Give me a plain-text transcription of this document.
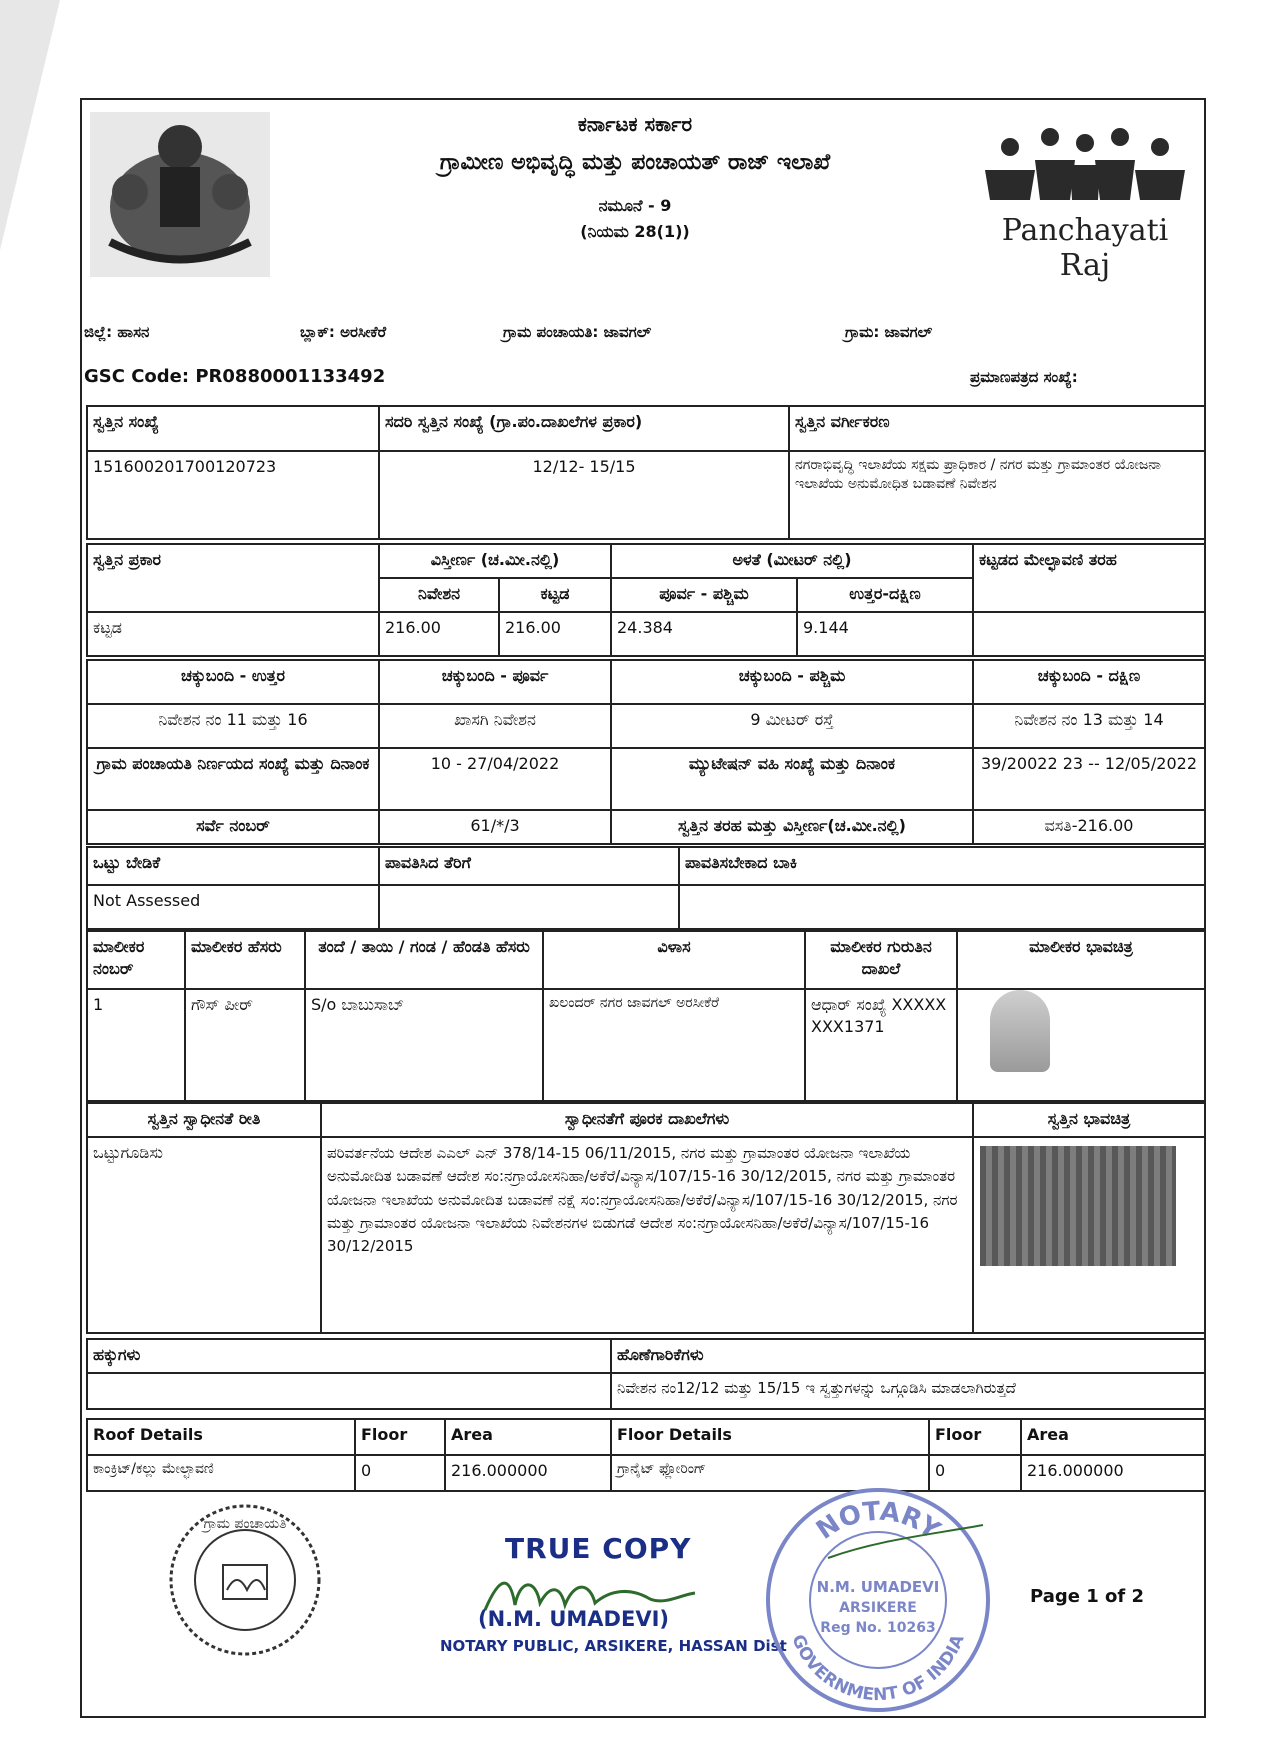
ಕರ್ನಾಟಕ ಸರ್ಕಾರ
ಗ್ರಾಮೀಣ ಅಭಿವೃದ್ಧಿ ಮತ್ತು ಪಂಚಾಯತ್ ರಾಜ್ ಇಲಾಖೆ
ನಮೂನೆ - 9
(ನಿಯಮ 28(1))	Panchayati Raj
ಜಿಲ್ಲೆ: ಹಾಸನ	ಬ್ಲಾಕ್: ಅರಸೀಕೆರೆ	ಗ್ರಾಮ ಪಂಚಾಯತಿ: ಜಾವಗಲ್	ಗ್ರಾಮ: ಜಾವಗಲ್
GSC Code: PR0880001133492	ಪ್ರಮಾಣಪತ್ರದ ಸಂಖ್ಯೆ:
ಸ್ವತ್ತಿನ ಸಂಖ್ಯೆ	ಸದರಿ ಸ್ವತ್ತಿನ ಸಂಖ್ಯೆ (ಗ್ರಾ.ಪಂ.ದಾಖಲೆಗಳ ಪ್ರಕಾರ)	ಸ್ವತ್ತಿನ ವರ್ಗೀಕರಣ
151600201700120723	12/12- 15/15	ನಗರಾಭಿವೃದ್ಧಿ ಇಲಾಖೆಯ ಸಕ್ಷಮ ಪ್ರಾಧಿಕಾರ / ನಗರ ಮತ್ತು ಗ್ರಾಮಾಂತರ ಯೋಜನಾ ಇಲಾಖೆಯ ಅನುಮೋಧಿತ ಬಡಾವಣೆ ನಿವೇಶನ
ಸ್ವತ್ತಿನ ಪ್ರಕಾರ	ವಿಸ್ತೀರ್ಣ (ಚ.ಮೀ.ನಲ್ಲಿ)		ಅಳತೆ (ಮೀಟರ್ ನಲ್ಲಿ)		ಕಟ್ಟಡದ ಮೇಲ್ಛಾವಣಿ ತರಹ
	ನಿವೇಶನ	ಕಟ್ಟಡ	ಪೂರ್ವ - ಪಶ್ಚಿಮ	ಉತ್ತರ-ದಕ್ಷಿಣ	
ಕಟ್ಟಡ	216.00	216.00	24.384	9.144	
ಚಕ್ಕುಬಂದಿ - ಉತ್ತರ	ಚಕ್ಕುಬಂದಿ - ಪೂರ್ವ	ಚಕ್ಕುಬಂದಿ - ಪಶ್ಚಿಮ	ಚಕ್ಕುಬಂದಿ - ದಕ್ಷಿಣ
ನಿವೇಶನ ನಂ 11 ಮತ್ತು 16	ಖಾಸಗಿ ನಿವೇಶನ	9 ಮೀಟರ್ ರಸ್ತೆ	ನಿವೇಶನ ನಂ 13 ಮತ್ತು 14
ಗ್ರಾಮ ಪಂಚಾಯತಿ ನಿರ್ಣಯದ ಸಂಖ್ಯೆ ಮತ್ತು ದಿನಾಂಕ	10 - 27/04/2022	ಮ್ಯುಟೇಷನ್ ವಹಿ ಸಂಖ್ಯೆ ಮತ್ತು ದಿನಾಂಕ	39/20022 23 -- 12/05/2022
ಸರ್ವೆ ನಂಬರ್	61/*/3	ಸ್ವತ್ತಿನ ತರಹ ಮತ್ತು ವಿಸ್ತೀರ್ಣ(ಚ.ಮೀ.ನಲ್ಲಿ)	ವಸತಿ-216.00
ಒಟ್ಟು ಬೇಡಿಕೆ	ಪಾವತಿಸಿದ ತೆರಿಗೆ	ಪಾವತಿಸಬೇಕಾದ ಬಾಕಿ
Not Assessed		
ಮಾಲೀಕರ ನಂಬರ್	ಮಾಲೀಕರ ಹೆಸರು	ತಂದೆ / ತಾಯಿ / ಗಂಡ / ಹೆಂಡತಿ ಹೆಸರು	ವಿಳಾಸ	ಮಾಲೀಕರ ಗುರುತಿನ ದಾಖಲೆ	ಮಾಲೀಕರ ಭಾವಚಿತ್ರ
1	ಗೌಸ್ ಪೀರ್	S/o ಬಾಬುಸಾಬ್	ಖಲಂದರ್ ನಗರ ಜಾವಗಲ್ ಅರಸೀಕೆರೆ	ಆಧಾರ್ ಸಂಖ್ಯೆ XXXXXXXX1371	
ಸ್ವತ್ತಿನ ಸ್ವಾಧೀನತೆ ರೀತಿ	ಸ್ವಾಧೀನತೆಗೆ ಪೂರಕ ದಾಖಲೆಗಳು	ಸ್ವತ್ತಿನ ಭಾವಚಿತ್ರ
ಒಟ್ಟುಗೂಡಿಸು	ಪರಿವರ್ತನೆಯ ಆದೇಶ ಎಎಲ್ ಎನ್ 378/14-15 06/11/2015, ನಗರ ಮತ್ತು ಗ್ರಾಮಾಂತರ ಯೋಜನಾ ಇಲಾಖೆಯ ಅನುಮೋದಿತ ಬಡಾವಣೆ ಆದೇಶ ಸಂ:ನಗ್ರಾಯೋಸನಿಹಾ/ಅಕೆರೆ/ವಿನ್ಯಾಸ/107/15-16 30/12/2015, ನಗರ ಮತ್ತು ಗ್ರಾಮಾಂತರ ಯೋಜನಾ ಇಲಾಖೆಯ ಅನುಮೋದಿತ ಬಡಾವಣೆ ನಕ್ಷೆ ಸಂ:ನಗ್ರಾಯೋಸನಿಹಾ/ಅಕೆರೆ/ವಿನ್ಯಾಸ/107/15-16 30/12/2015, ನಗರ ಮತ್ತು ಗ್ರಾಮಾಂತರ ಯೋಜನಾ ಇಲಾಖೆಯ ನಿವೇಶನಗಳ ಬಿಡುಗಡೆ ಆದೇಶ ಸಂ:ನಗ್ರಾಯೋಸನಿಹಾ/ಅಕೆರೆ/ವಿನ್ಯಾಸ/107/15-16 30/12/2015	
ಹಕ್ಕುಗಳು	ಹೊಣೆಗಾರಿಕೆಗಳು
	ನಿವೇಶನ ನಂ12/12 ಮತ್ತು 15/15 ಇ ಸ್ವತ್ತುಗಳನ್ನು ಒಗ್ಗೂಡಿಸಿ ಮಾಡಲಾಗಿರುತ್ತದೆ
Roof Details	Floor	Area	Floor Details	Floor	Area
ಕಾಂಕ್ರಿಟ್/ಕಲ್ಲು ಮೇಲ್ಛಾವಣಿ	0	216.000000	ಗ್ರಾನೈಟ್ ಫ್ಲೋರಿಂಗ್	0	216.000000
ಗ್ರಾಮ ಪಂಚಾಯತಿ
TRUE COPY
(N.M. UMADEVI)
NOTARY PUBLIC, ARSIKERE, HASSAN Dist
NOTARY
GOVERNMENT OF INDIA
N.M. UMADEVI
ARSIKERE
Reg No. 10263
Page 1 of 2
